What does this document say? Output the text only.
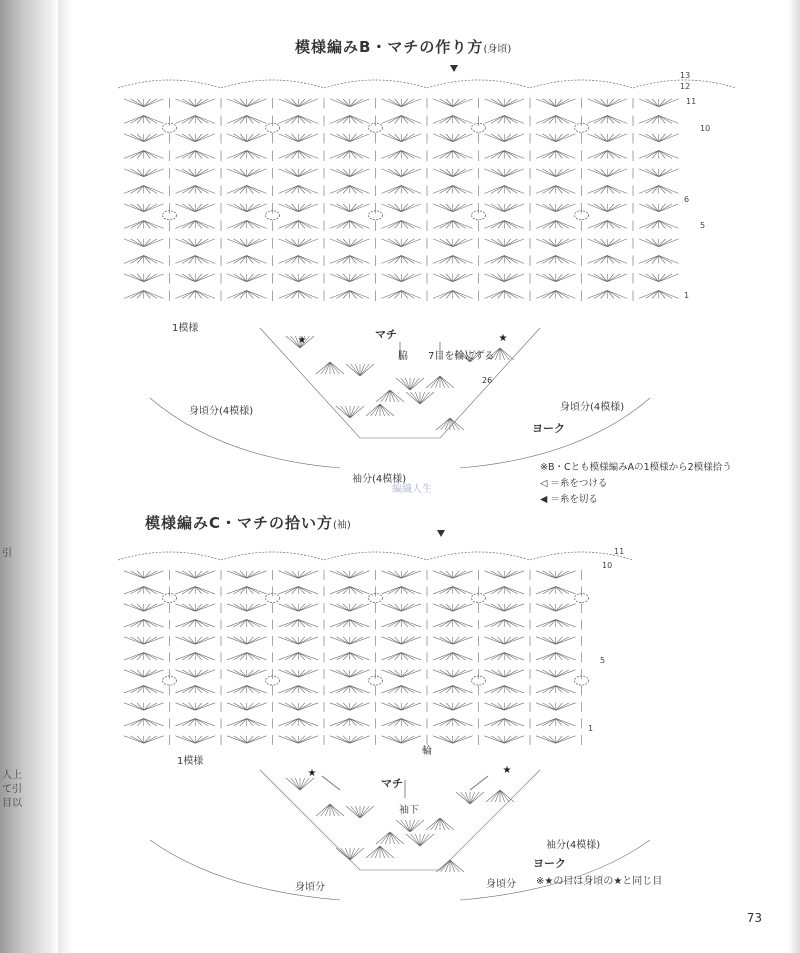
引
人上
て引
目以
模様編みB・マチの作り方(身頃)
★	★
★	★
13
12
11
10
6
5
1
1模様	マチ
脇 7目を輪にする
身頃分(4模様)	身頃分(4模様)
ヨーク
袖分(4模様)
26
編織人生
※B・Cとも模様編みAの1模様から2模様拾う
◁ ＝糸をつける
◀ ＝糸を切る
模様編みC・マチの拾い方(袖)
11
10
5
1
1模様
輪
マチ
袖下
袖分(4模様)
ヨーク
身頃分	身頃分 ※★の目は身頃の★と同じ目
73
